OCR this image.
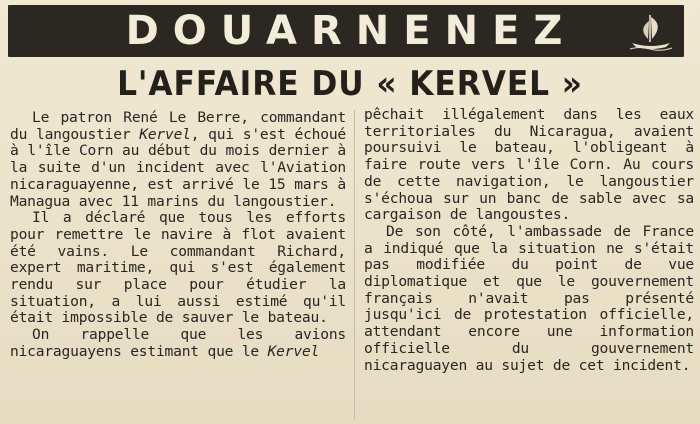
DOUARNENEZ
L'AFFAIRE DU « KERVEL »

Le patron René Le Berre, commandant du langoustier Kervel, qui s'est échoué à l'île Corn au début du mois dernier à la suite d'un incident avec l'Aviation nicaraguayenne, est arrivé le 15 mars à Managua avec 11 marins du langoustier.

Il a déclaré que tous les efforts pour remettre le navire à flot avaient été vains. Le commandant Richard, expert maritime, qui s'est également rendu sur place pour étudier la situation, a lui aussi estimé qu'il était impossible de sauver le bateau.

On rappelle que les avions nicaraguayens estimant que le Kervel

pêchait illégalement dans les eaux territoriales du Nicaragua, avaient poursuivi le bateau, l'obligeant à faire route vers l'île Corn. Au cours de cette navigation, le langoustier s'échoua sur un banc de sable avec sa cargaison de langoustes.

De son côté, l'ambassade de France a indiqué que la situation ne s'était pas modifiée du point de vue diplomatique et que le gouvernement français n'avait pas présenté jusqu'ici de protestation officielle, attendant encore une information officielle du gouvernement nicaraguayen au sujet de cet incident.
